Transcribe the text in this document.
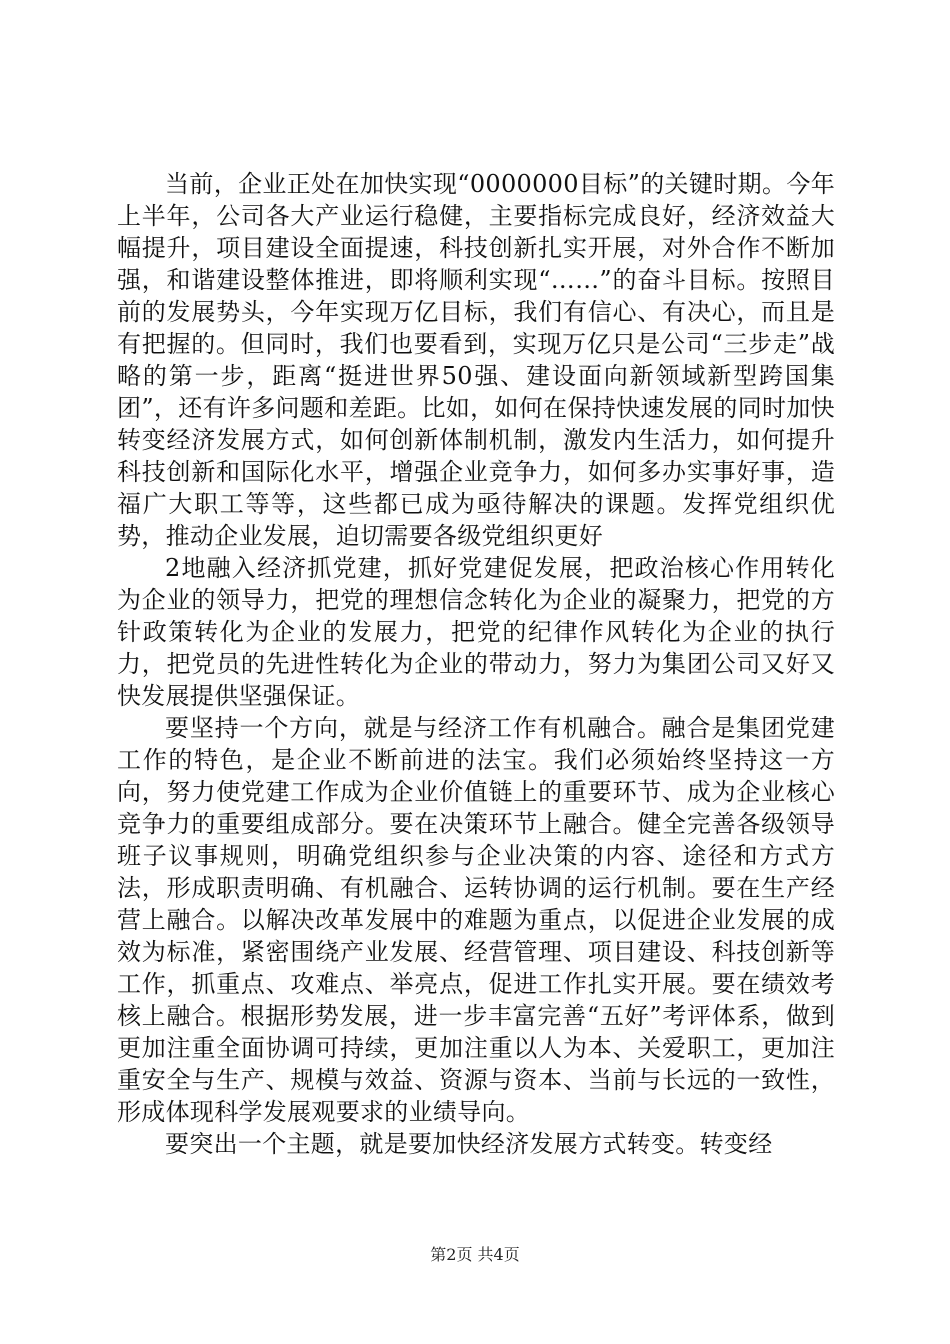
当前，企业正处在加快实现“0000000目标”的关键时期。今年上半年，公司各大产业运行稳健，主要指标完成良好，经济效益大幅提升，项目建设全面提速，科技创新扎实开展，对外合作不断加强，和谐建设整体推进，即将顺利实现“……”的奋斗目标。按照目前的发展势头，今年实现万亿目标，我们有信心、有决心，而且是有把握的。但同时，我们也要看到，实现万亿只是公司“三步走”战略的第一步，距离“挺进世界50强、建设面向新领域新型跨国集团”，还有许多问题和差距。比如，如何在保持快速发展的同时加快转变经济发展方式，如何创新体制机制，激发内生活力，如何提升科技创新和国际化水平，增强企业竞争力，如何多办实事好事，造福广大职工等等，这些都已成为亟待解决的课题。发挥党组织优势，推动企业发展，迫切需要各级党组织更好

2地融入经济抓党建，抓好党建促发展，把政治核心作用转化为企业的领导力，把党的理想信念转化为企业的凝聚力，把党的方针政策转化为企业的发展力，把党的纪律作风转化为企业的执行力，把党员的先进性转化为企业的带动力，努力为集团公司又好又快发展提供坚强保证。

要坚持一个方向，就是与经济工作有机融合。融合是集团党建工作的特色，是企业不断前进的法宝。我们必须始终坚持这一方向，努力使党建工作成为企业价值链上的重要环节、成为企业核心竞争力的重要组成部分。要在决策环节上融合。健全完善各级领导班子议事规则，明确党组织参与企业决策的内容、途径和方式方法，形成职责明确、有机融合、运转协调的运行机制。要在生产经营上融合。以解决改革发展中的难题为重点，以促进企业发展的成效为标准，紧密围绕产业发展、经营管理、项目建设、科技创新等工作，抓重点、攻难点、举亮点，促进工作扎实开展。要在绩效考核上融合。根据形势发展，进一步丰富完善“五好”考评体系，做到更加注重全面协调可持续，更加注重以人为本、关爱职工，更加注重安全与生产、规模与效益、资源与资本、当前与长远的一致性，形成体现科学发展观要求的业绩导向。

要突出一个主题，就是要加快经济发展方式转变。转变经

第2页 共4页
